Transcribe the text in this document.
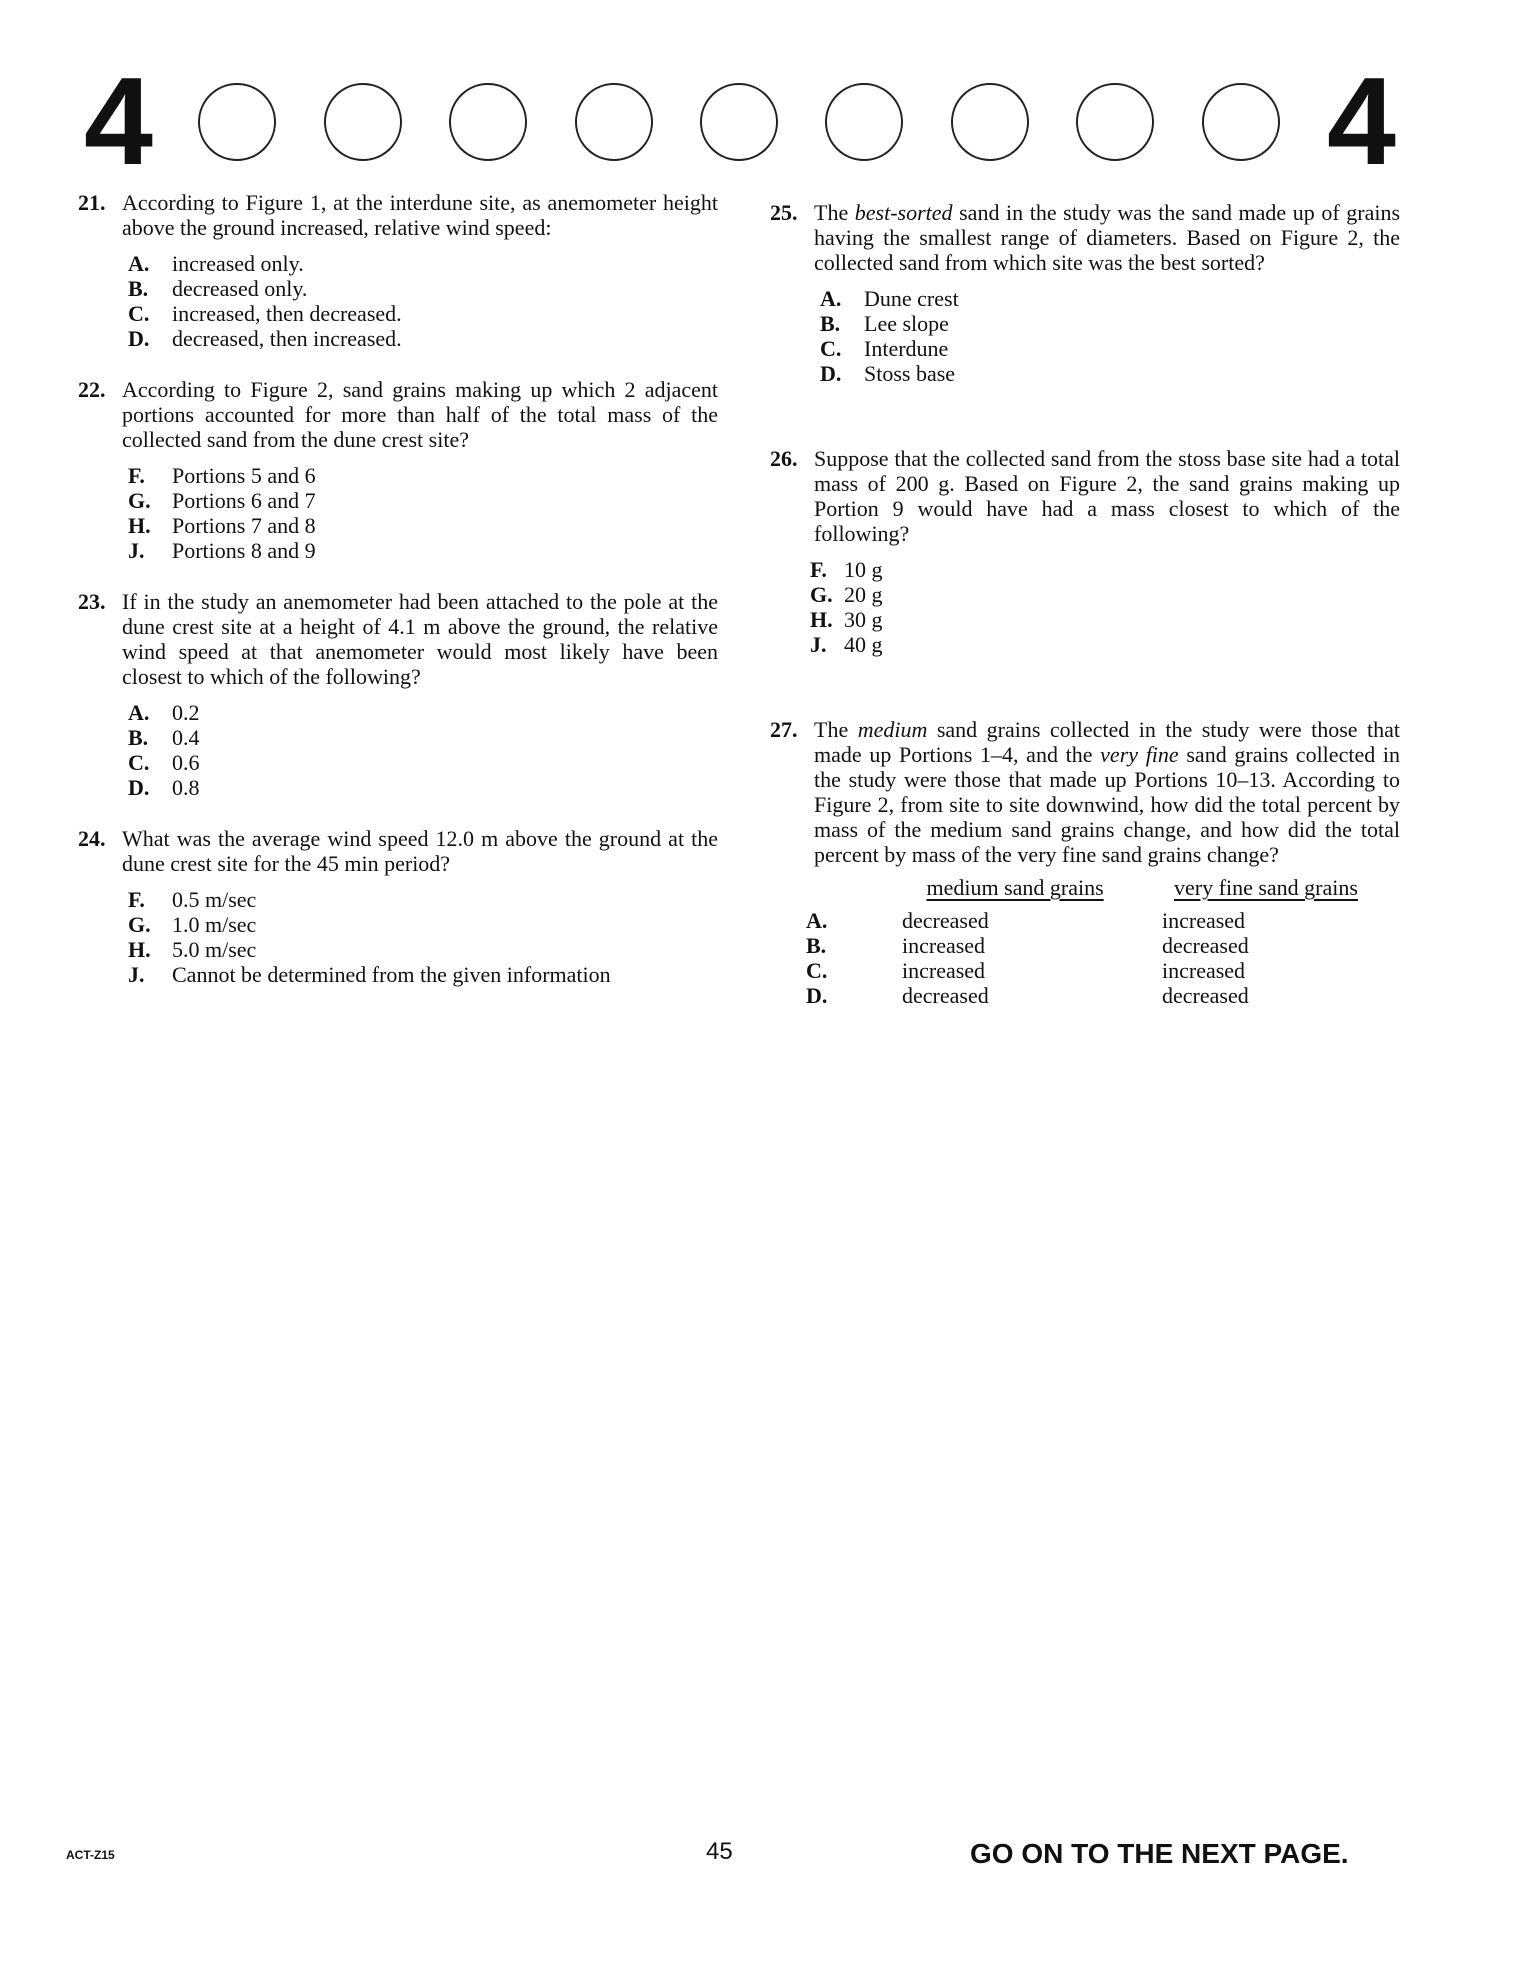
4	4
21. According to Figure 1, at the interdune site, as anemometer height above the ground increased, relative wind speed:
A.	increased only.
B.	decreased only.
C.	increased, then decreased.
D.	decreased, then increased.
22. According to Figure 2, sand grains making up which 2 adjacent portions accounted for more than half of the total mass of the collected sand from the dune crest site?
F.	Portions 5 and 6
G. Portions 6 and 7
H. Portions 7 and 8
J.	Portions 8 and 9
23. If in the study an anemometer had been attached to the pole at the dune crest site at a height of 4.1 m above the ground, the relative wind speed at that anemometer would most likely have been closest to which of the following?
A.	0.2
B.	0.4
C.	0.6
D.	0.8
24. What was the average wind speed 12.0 m above the ground at the dune crest site for the 45 min period?
F.	0.5 m/sec
G. 1.0 m/sec
H. 5.0 m/sec
J.	Cannot be determined from the given information
25. The best-sorted sand in the study was the sand made up of grains having the smallest range of diameters. Based on Figure 2, the collected sand from which site was the best sorted?
A.	Dune crest
B.	Lee slope
C.	Interdune
D.	Stoss base
26. Suppose that the collected sand from the stoss base site had a total mass of 200 g. Based on Figure 2, the sand grains making up Portion 9 would have had a mass closest to which of the following?
F. 10 g
G. 20 g
H. 30 g
J. 40 g
27. The medium sand grains collected in the study were those that made up Portions 1–4, and the very fine sand grains collected in the study were those that made up Portions 10–13. According to Figure 2, from site to site downwind, how did the total percent by mass of the medium sand grains change, and how did the total percent by mass of the very fine sand grains change?
medium sand grains	very fine sand grains
A.	decreased	increased
B.	increased	decreased
C.	increased	increased
D.	decreased	decreased
ACT-Z15	45	GO ON TO THE NEXT PAGE.
